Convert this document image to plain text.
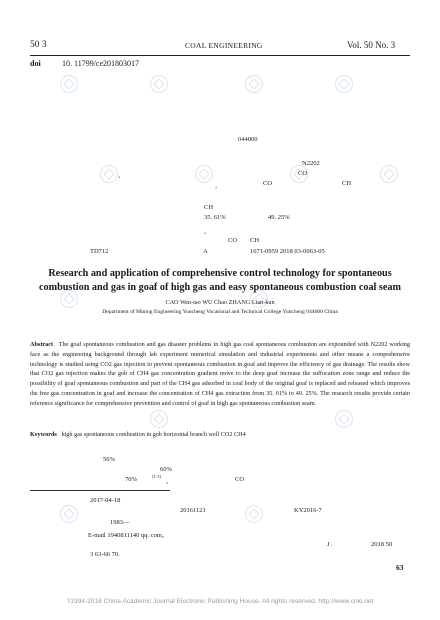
50 3	COAL ENGINEERING	Vol. 50 No. 3
doi	10. 11799/ce201803017
044000
N2202
CO
、
，	CO	CH
CH
35. 61%	49. 25%
，
CO CH
TD712	A	1671-0959 2018 03-0063-05
Research and application of comprehensive control technology for spontaneous
combustion and gas in goaf of high gas and easy spontaneous combustion coal seam
CAO Wen-tao WU Chao ZHANG Lian-kun
Department of Mining Engineering Yuncheng Vocational and Technical College Yuncheng 044000 China
Abstract The goaf spontaneous combustion and gas disaster problems in high gas coal spontaneous combustion are expounded with N2202 working face as the engineering background through lab experiment numerical simulation and industrial experiments and other means a comprehensive technology is studied using CO2 gas injection to prevent spontaneous combustion in goaf and improve the efficiency of gas drainage. The results show that CO2 gas injection makes the gob of CH4 gas concentration gradient move to the deep goaf increase the suffocation zone range and reduce the possibility of goaf spontaneous combustion and part of the CH4 gas adsorbed in coal body of the original goaf is replaced and released which improves the free gas concentration in goaf and increase the concentration of CH4 gas extraction from 35. 61% to 49. 25%. The research results provide certain reference significance for comprehensive prevention and control of goaf in high gas spontaneous combustion seam.
Keywords high gas spontaneous combustion in gob horizontal branch well CO2 CH4
56%
60%
70%	[1-3]
。	CO
2017-04-18
20161121	KY2016-7
1983—
E-mail 1940811140 qq. com。
J .	2018 50
3 63-66 70.
63
?1994-2018 China Academic Journal Electronic Publishing House. All rights reserved. http://www.cnki.net
